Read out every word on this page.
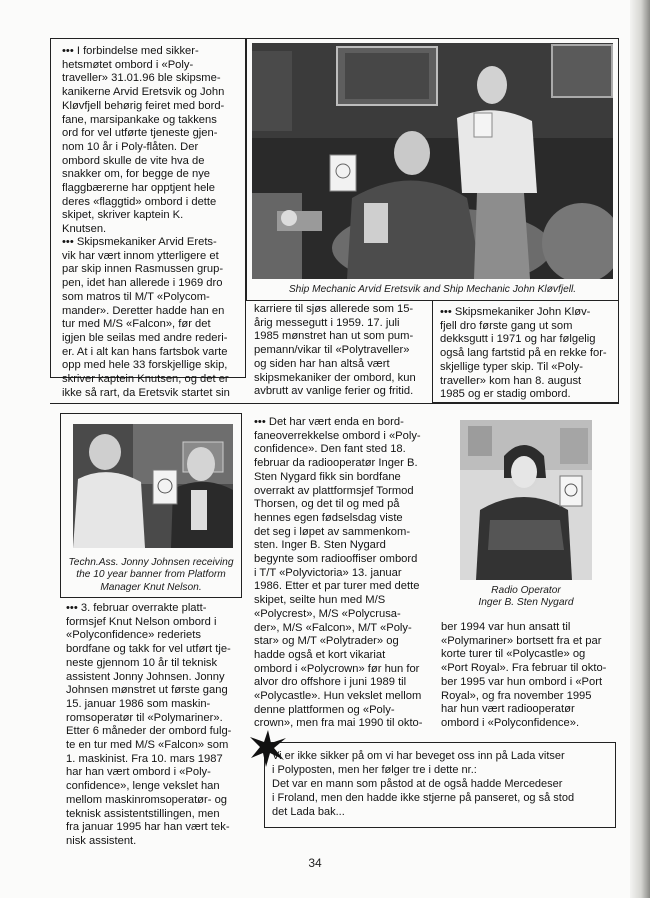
••• I forbindelse med sikker-
hetsmøtet ombord i «Poly-
traveller» 31.01.96 ble skipsme-
kanikerne Arvid Eretsvik og John
Kløvfjell behørig feiret med bord-
fane, marsipankake og takkens
ord for vel utførte tjeneste gjen-
nom 10 år i Poly-flåten. Der
ombord skulle de vite hva de
snakker om, for begge de nye
flaggbærerne har opptjent hele
deres «flaggtid» ombord i dette
skipet, skriver kaptein K.
Knutsen.
••• Skipsmekaniker Arvid Erets-
vik har vært innom ytterligere et
par skip innen Rasmussen grup-
pen, idet han allerede i 1969 dro
som matros til M/T «Polycom-
mander». Deretter hadde han en
tur med M/S «Falcon», før det
igjen ble seilas med andre rederi-
er. At i alt kan hans fartsbok varte
opp med hele 33 forskjellige skip,
skriver kaptein Knutsen, og det er
ikke så rart, da Eretsvik startet sin
Ship Mechanic Arvid Eretsvik and Ship Mechanic John Kløvfjell.
karriere til sjøs allerede som 15-
årig messegutt i 1959. 17. juli
1985 mønstret han ut som pum-
pemann/vikar til «Polytraveller»
og siden har han altså vært
skipsmekaniker der ombord, kun
avbrutt av vanlige ferier og fritid.
••• Skipsmekaniker John Kløv-
fjell dro første gang ut som
dekksgutt i 1971 og har følgelig
også lang fartstid på en rekke for-
skjellige typer skip. Til «Poly-
traveller» kom han 8. august
1985 og er stadig ombord.
Techn.Ass. Jonny Johnsen receiving
the 10 year banner from Platform
Manager Knut Nelson.
••• 3. februar overrakte platt-
formsjef Knut Nelson ombord i
«Polyconfidence» rederiets
bordfane og takk for vel utført tje-
neste gjennom 10 år til teknisk
assistent Jonny Johnsen. Jonny
Johnsen mønstret ut første gang
15. januar 1986 som maskin-
romsoperatør til «Polymariner».
Etter 6 måneder der ombord fulg-
te en tur med M/S «Falcon» som
1. maskinist. Fra 10. mars 1987
har han vært ombord i «Poly-
confidence», lenge vekslet han
mellom maskinromsoperatør- og
teknisk assistentstillingen, men
fra januar 1995 har han vært tek-
nisk assistent.
••• Det har vært enda en bord-
faneoverrekkelse ombord i «Poly-
confidence». Den fant sted 18.
februar da radiooperatør Inger B.
Sten Nygard fikk sin bordfane
overrakt av plattformsjef Tormod
Thorsen, og det til og med på
hennes egen fødselsdag viste
det seg i løpet av sammenkom-
sten. Inger B. Sten Nygard
begynte som radiooffiser ombord
i T/T «Polyvictoria» 13. januar
1986. Etter et par turer med dette
skipet, seilte hun med M/S
«Polycrest», M/S «Polycrusa-
der», M/S «Falcon», M/T «Poly-
star» og M/T «Polytrader» og
hadde også et kort vikariat
ombord i «Polycrown» før hun for
alvor dro offshore i juni 1989 til
«Polycastle». Hun vekslet mellom
denne plattformen og «Poly-
crown», men fra mai 1990 til okto-
Radio Operator
Inger B. Sten Nygard
ber 1994 var hun ansatt til
«Polymariner» bortsett fra et par
korte turer til «Polycastle» og
«Port Royal». Fra februar til okto-
ber 1995 var hun ombord i «Port
Royal», og fra november 1995
har hun vært radiooperatør
ombord i «Polyconfidence».
Vi er ikke sikker på om vi har beveget oss inn på Lada vitser
i Polyposten, men her følger tre i dette nr.:
Det var en mann som påstod at de også hadde Mercedeser
i Froland, men den hadde ikke stjerne på panseret, og så stod
det Lada bak...
34
